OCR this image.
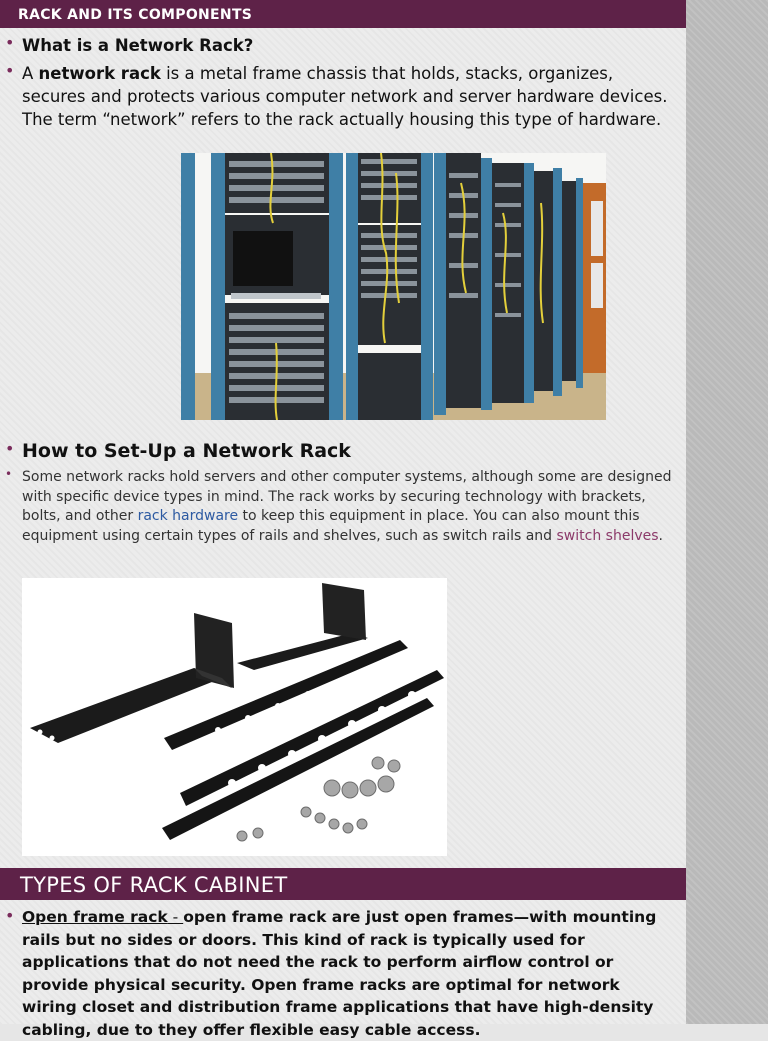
RACK AND ITS COMPONENTS
• What is a Network Rack?
• A network rack is a metal frame chassis that holds, stacks, organizes, secures and protects various computer network and server hardware devices. The term “network” refers to the rack actually housing this type of hardware.
• How to Set-Up a Network Rack
• Some network racks hold servers and other computer systems, although some are designed with specific device types in mind. The rack works by securing technology with brackets, bolts, and other rack hardware to keep this equipment in place. You can also mount this equipment using certain types of rails and shelves, such as switch rails and switch shelves.
TYPES OF RACK CABINET
• Open frame rack - open frame rack are just open frames—with mounting rails but no sides or doors. This kind of rack is typically used for applications that do not need the rack to perform airflow control or provide physical security. Open frame racks are optimal for network wiring closet and distribution frame applications that have high-density cabling, due to they offer flexible easy cable access.
